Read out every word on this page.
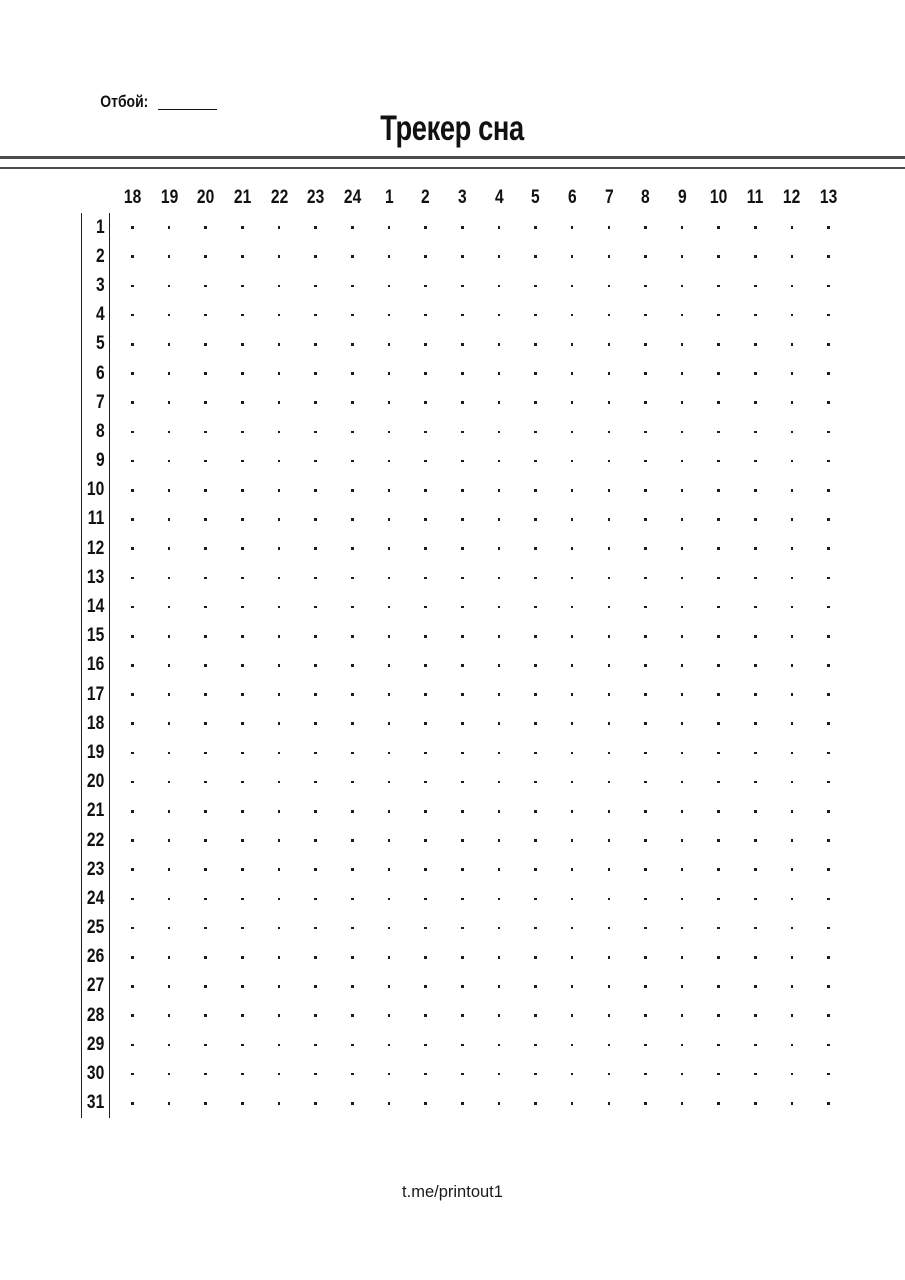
Отбой:
Трекер сна
18 19 20 21 22 23 24 1 2 3 4 5 6 7 8 9 10 11 12 13
1
2
3
4
5
6
7
8
9
10
11
12
13
14
15
16
17
18
19
20
21
22
23
24
25
26
27
28
29
30
31
t.me/printout1
